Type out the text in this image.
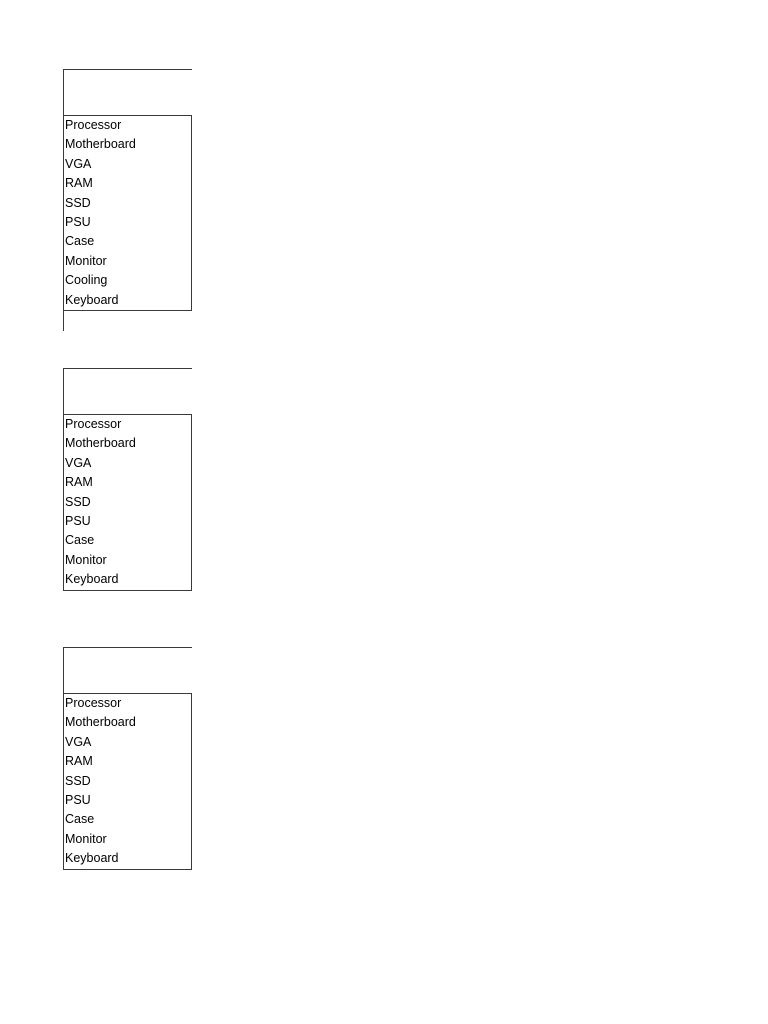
Processor
Motherboard
VGA
RAM
SSD
PSU
Case
Monitor
Cooling
Keyboard
Processor
Motherboard
VGA
RAM
SSD
PSU
Case
Monitor
Keyboard
Processor
Motherboard
VGA
RAM
SSD
PSU
Case
Monitor
Keyboard
